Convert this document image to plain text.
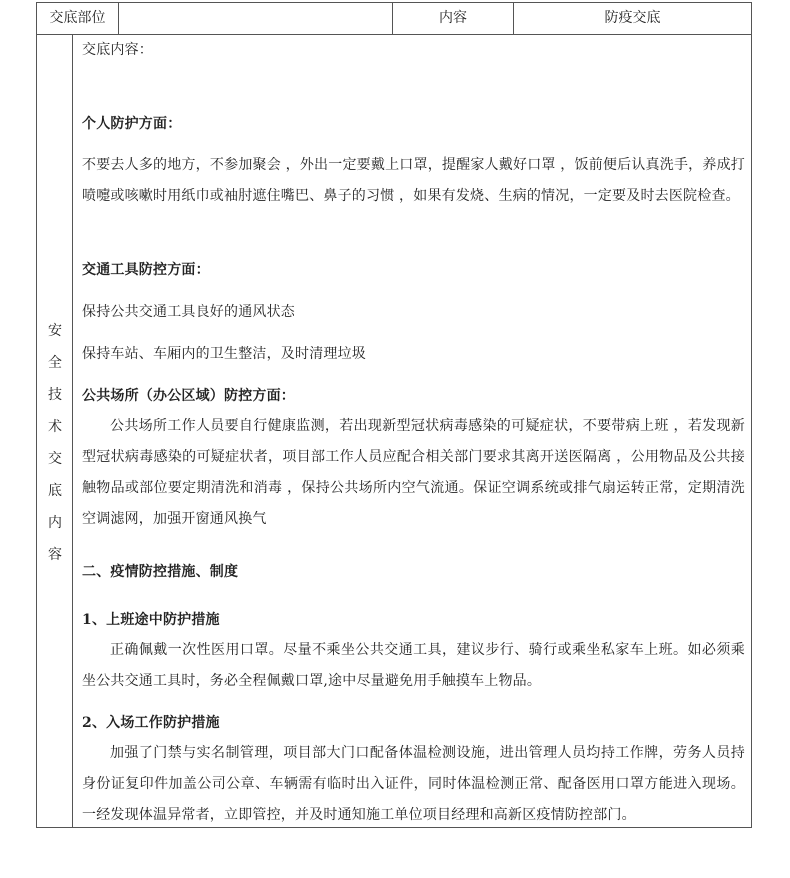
交底部位	内容	防疫交底
安
全
技
术
交
底
内
容
交底内容：
个人防护方面：
不要去人多的地方，不参加聚会 ，外出一定要戴上口罩，提醒家人戴好口罩 ，饭前便后认真洗手，养成打喷嚏或咳嗽时用纸巾或袖肘遮住嘴巴、鼻子的习惯 ，如果有发烧、生病的情况，一定要及时去医院检查。
交通工具防控方面：
保持公共交通工具良好的通风状态
保持车站、车厢内的卫生整洁，及时清理垃圾
公共场所（办公区域）防控方面：
公共场所工作人员要自行健康监测，若出现新型冠状病毒感染的可疑症状，不要带病上班 ，若发现新型冠状病毒感染的可疑症状者，项目部工作人员应配合相关部门要求其离开送医隔离 ，公用物品及公共接触物品或部位要定期清洗和消毒 ，保持公共场所内空气流通。保证空调系统或排气扇运转正常，定期清洗空调滤网，加强开窗通风换气
二、疫情防控措施、制度
1、上班途中防护措施
正确佩戴一次性医用口罩。尽量不乘坐公共交通工具，建议步行、骑行或乘坐私家车上班。如必须乘坐公共交通工具时，务必全程佩戴口罩,途中尽量避免用手触摸车上物品。
2、入场工作防护措施
加强了门禁与实名制管理，项目部大门口配备体温检测设施，进出管理人员均持工作牌，劳务人员持身份证复印件加盖公司公章、车辆需有临时出入证件，同时体温检测正常、配备医用口罩方能进入现场。一经发现体温异常者，立即管控，并及时通知施工单位项目经理和高新区疫情防控部门。
